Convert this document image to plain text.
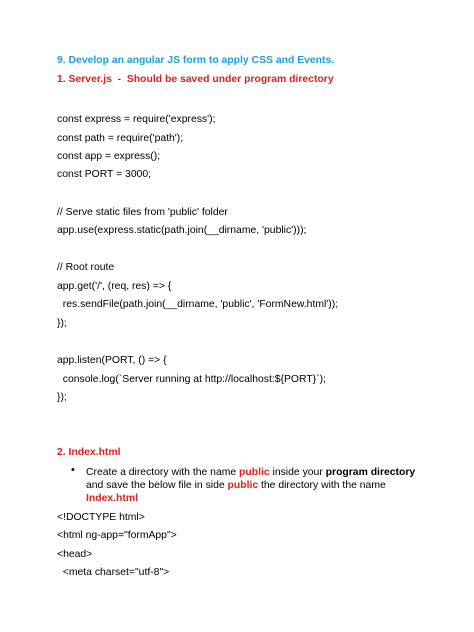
9. Develop an angular JS form to apply CSS and Events.
1. Server.js  -  Should be saved under program directory
const express = require('express');
const path = require('path');
const app = express();
const PORT = 3000;
// Serve static files from 'public' folder
app.use(express.static(path.join(__dirname, 'public')));
// Root route
app.get('/', (req, res) => {
res.sendFile(path.join(__dirname, 'public', 'FormNew.html'));
});
app.listen(PORT, () => {
console.log(`Server running at http://localhost:${PORT}`);
});
2. Index.html
• Create a directory with the name public inside your program directory and save the below file in side public the directory with the name Index.html
<!DOCTYPE html>
<html ng-app="formApp">
<head>
<meta charset="utf-8">
